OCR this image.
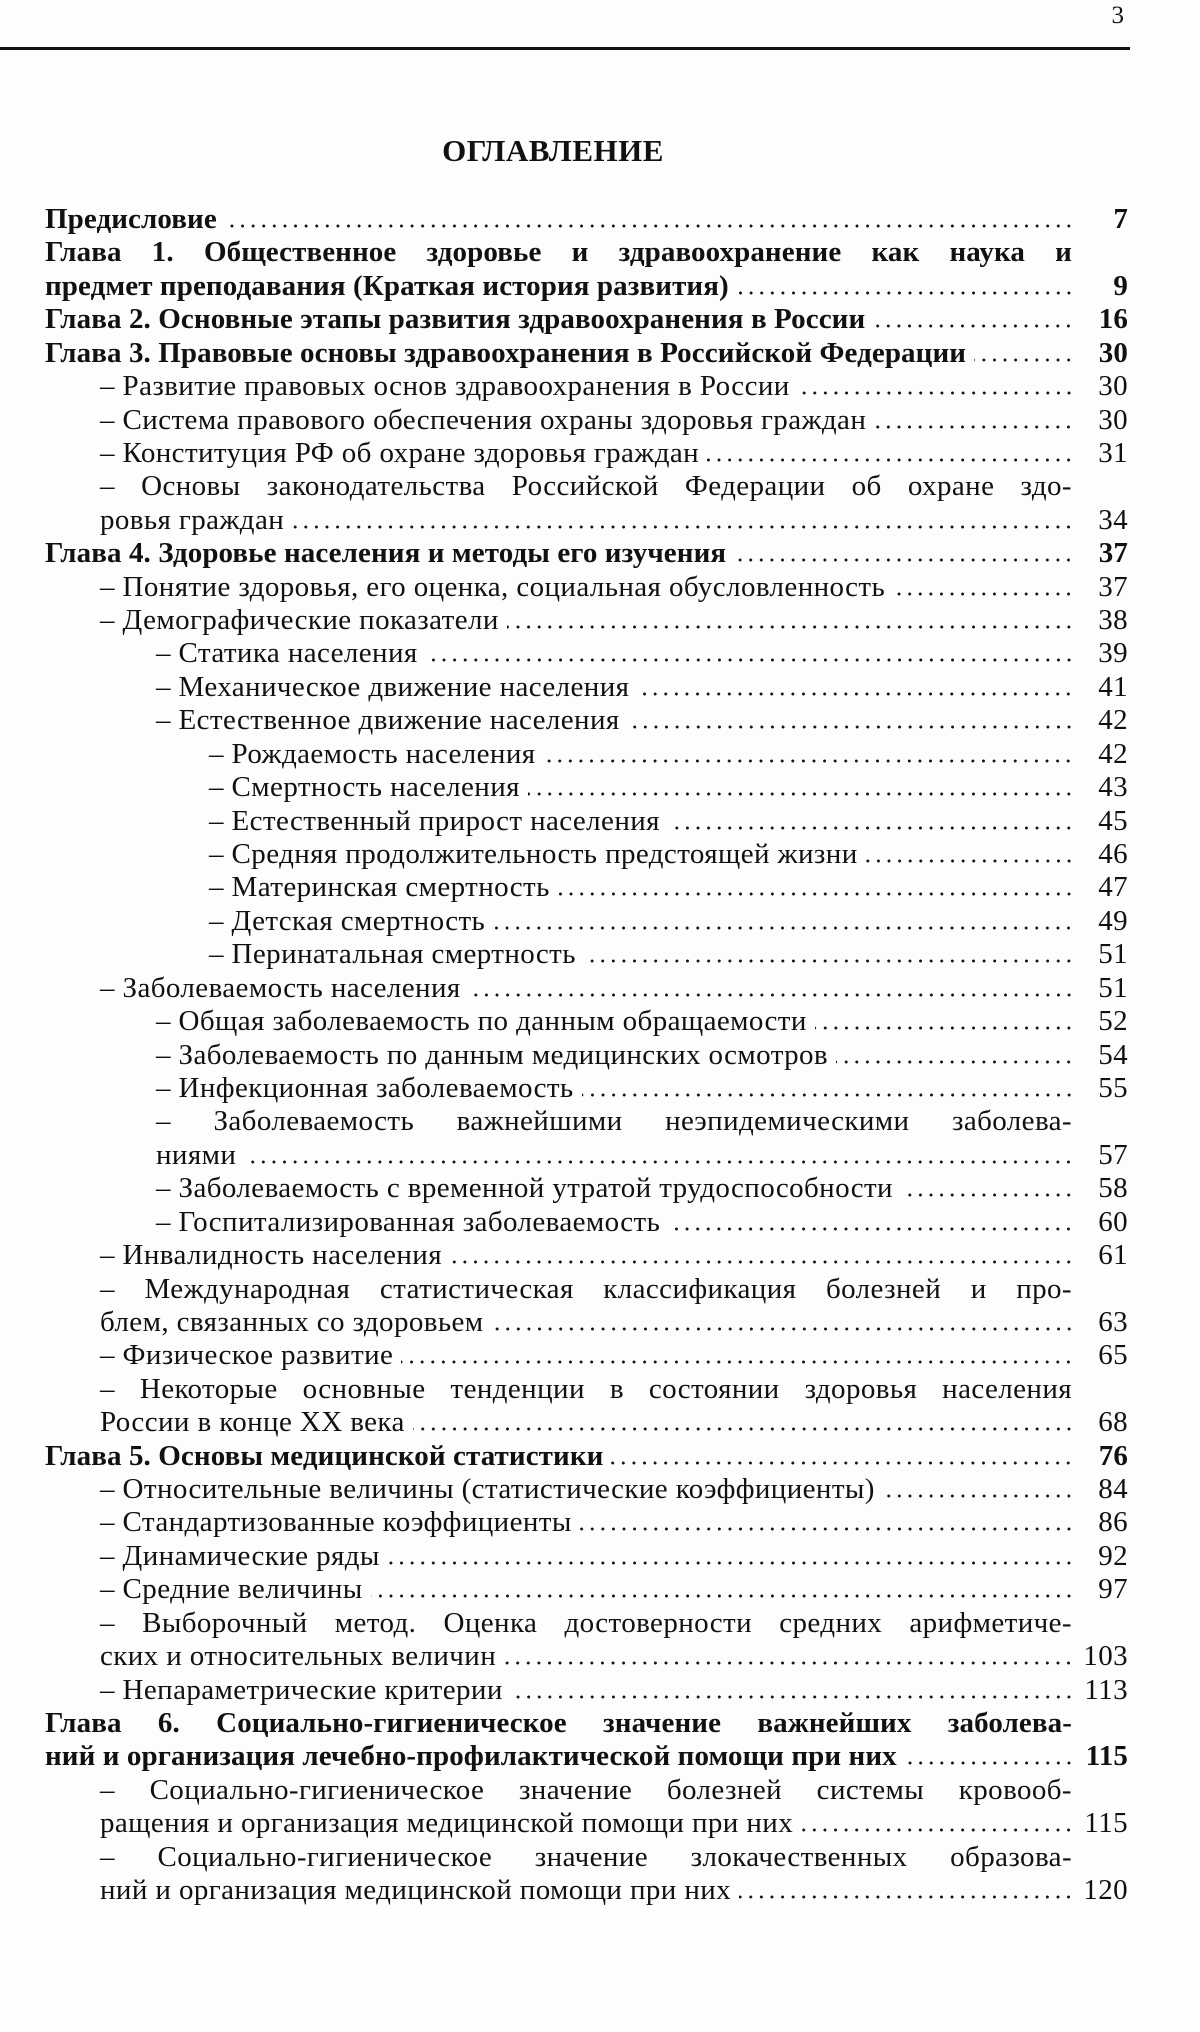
3
ОГЛАВЛЕНИЕ
Предисловие	7
Глава 1. Общественное здоровье и здравоохранение как наука и
предмет преподавания (Краткая история развития)	9
Глава 2. Основные этапы развития здравоохранения в России	16
Глава 3. Правовые основы здравоохранения в Российской Федерации	30
– Развитие правовых основ здравоохранения в России	30
– Система правового обеспечения охраны здоровья граждан	30
– Конституция РФ об охране здоровья граждан	31
– Основы законодательства Российской Федерации об охране здо-
ровья граждан	34
Глава 4. Здоровье населения и методы его изучения	37
– Понятие здоровья, его оценка, социальная обусловленность	37
– Демографические показатели	38
– Статика населения	39
– Механическое движение населения	41
– Естественное движение населения	42
– Рождаемость населения	42
– Смертность населения	43
– Естественный прирост населения	45
– Средняя продолжительность предстоящей жизни	46
– Материнская смертность	47
– Детская смертность	49
– Перинатальная смертность	51
– Заболеваемость населения	51
– Общая заболеваемость по данным обращаемости	52
– Заболеваемость по данным медицинских осмотров	54
– Инфекционная заболеваемость	55
– Заболеваемость важнейшими неэпидемическими заболева-
ниями	57
– Заболеваемость с временной утратой трудоспособности	58
– Госпитализированная заболеваемость	60
– Инвалидность населения	61
– Международная статистическая классификация болезней и про-
блем, связанных со здоровьем	63
– Физическое развитие	65
– Некоторые основные тенденции в состоянии здоровья населения
России в конце XX века	68
Глава 5. Основы медицинской статистики	76
– Относительные величины (статистические коэффициенты)	84
– Стандартизованные коэффициенты	86
– Динамические ряды	92
– Средние величины	97
– Выборочный метод. Оценка достоверности средних арифметиче-
ских и относительных величин	103
– Непараметрические критерии	113
Глава 6. Социально-гигиеническое значение важнейших заболева-
ний и организация лечебно-профилактической помощи при них	115
– Социально-гигиеническое значение болезней системы кровооб-
ращения и организация медицинской помощи при них	115
– Социально-гигиеническое значение злокачественных образова-
ний и организация медицинской помощи при них	120
